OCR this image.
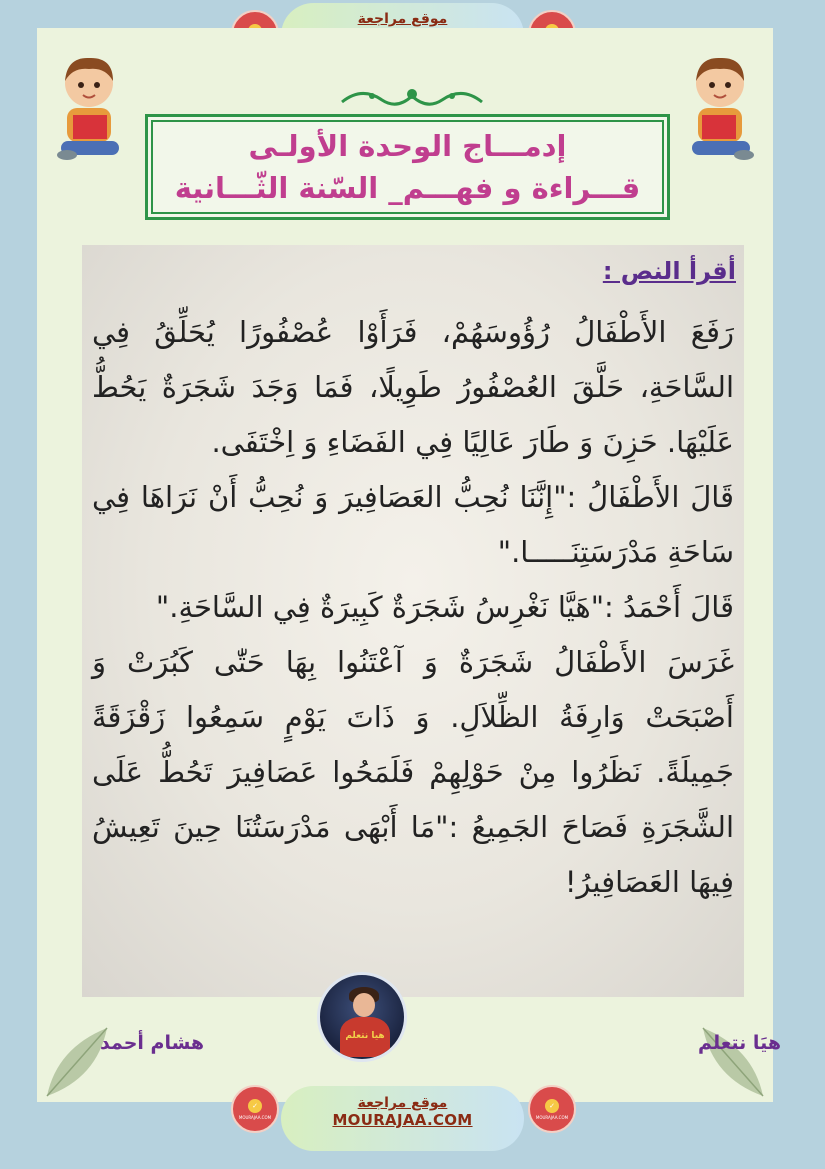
موقع مراجعة
إدمـــاج الوحدة الأولـى
قـــراءة و فهـــم_ السّنة الثّـــانية
أقرأ النص :

رَفَعَ الأَطْفَالُ رُؤُوسَهُمْ، فَرَأَوْا عُصْفُورًا يُحَلِّقُ فِي السَّاحَةِ، حَلَّقَ العُصْفُورُ طَوِيلًا، فَمَا وَجَدَ شَجَرَةٌ يَحُطُّ عَلَيْهَا. حَزِنَ وَ طَارَ عَالِيًا فِي الفَضَاءِ وَ اِخْتَفَى.

قَالَ الأَطْفَالُ :"إِنَّنَا نُحِبُّ العَصَافِيرَ وَ نُحِبُّ أَنْ نَرَاهَا فِي سَاحَةِ مَدْرَسَتِنَـــــا."

قَالَ أَحْمَدُ :"هَيَّا نَغْرِسُ شَجَرَةٌ كَبِيرَةٌ فِي السَّاحَةِ."

غَرَسَ الأَطْفَالُ شَجَرَةٌ وَ آعْتَنُوا بِهَا حَتّٰى كَبُرَتْ وَ أَصْبَحَتْ وَارِفَةُ الظِّلاَلِ. وَ ذَاتَ يَوْمٍ سَمِعُوا زَقْزَقَةً جَمِيلَةً. نَظَرُوا مِنْ حَوْلِهِمْ فَلَمَحُوا عَصَافِيرَ تَحُطُّ عَلَى الشَّجَرَةِ فَصَاحَ الجَمِيعُ :"مَا أَبْهَى مَدْرَسَتُنَا حِينَ تَعِيشُ فِيهَا العَصَافِيرُ!

هيا نتعلم
هشام أحمد	هيَا نتعلم
✓
MOURAJAA.COM
موقع مراجعة
MOURAJAA.COM
✓
MOURAJAA.COM
